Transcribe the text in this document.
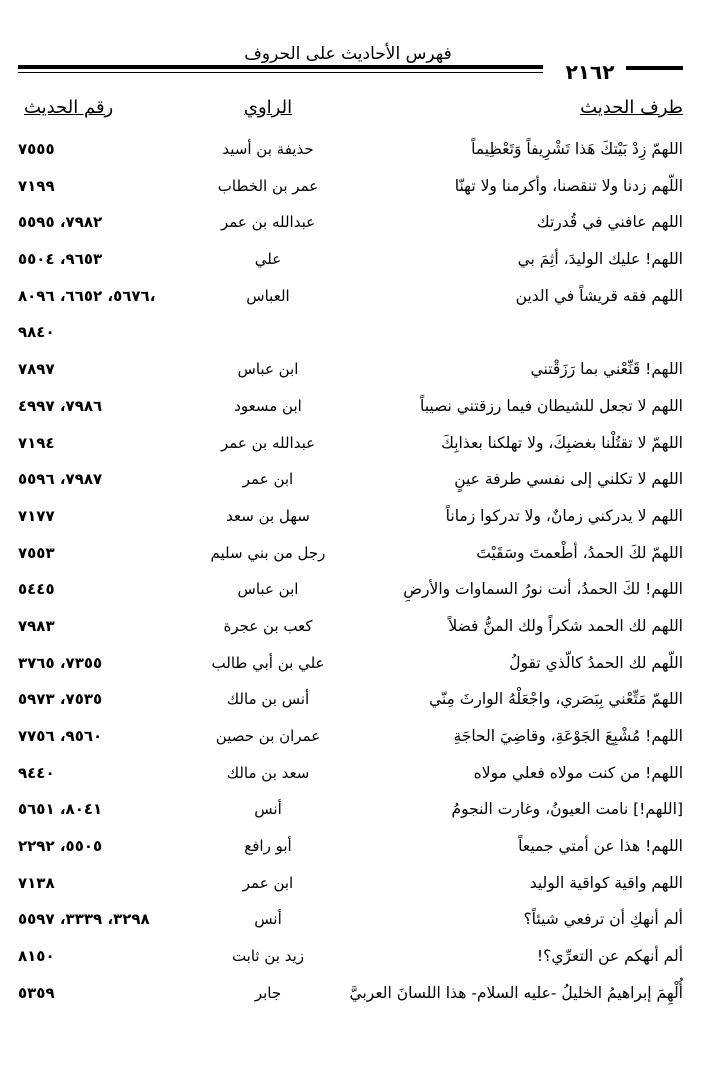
فهرس الأحاديث على الحروف
٢١٦٢
طرف الحديث
الراوي
رقم الحديث
اللهمّ زِدْ بَيْتكَ هَذا تَشْرِيفاً وَتَعْظِيماً
حذيفة بن أسيد
٧٥٥٥
اللّهم زدنا ولا تنقصنا، وأكرمنا ولا تهنّا
عمر بن الخطاب
٧١٩٩
اللهم عافني في قُدرتك
عبدالله بن عمر
٧٩٨٢، ٥٥٩٥
اللهم! عليك الوليدَ، أثِمَ بي
علي
٩٦٥٣، ٥٥٠٤
اللهم فقه قريشاً في الدين
العباس
٥٦٧٦، ٦٦٥٢، ٨٠٩٦،
٩٨٤٠
اللهم! قَنِّعْني بما رَزَقْتني
ابن عباس
٧٨٩٧
اللهم لا تجعل للشيطان فيما رزقتني نصيباً
ابن مسعود
٧٩٨٦، ٤٩٩٧
اللهمّ لا تقتُلْنا بغضبِكَ، ولا تهلكنا بعذابِكَ
عبدالله بن عمر
٧١٩٤
اللهم لا تكلني إلى نفسي طرفة عينٍ
ابن عمر
٧٩٨٧، ٥٥٩٦
اللهم لا يدركني زمانٌ، ولا تدركوا زماناً
سهل بن سعد
٧١٧٧
اللهمّ لكَ الحمدُ، أطْعمتَ وسَقَيْتَ
رجل من بني سليم
٧٥٥٣
اللهم! لكَ الحمدُ، أنت نورُ السماوات والأرضِ
ابن عباس
٥٤٤٥
اللهم لك الحمد شكراً ولك المنُّ فضلاً
كعب بن عجرة
٧٩٨٣
اللّهم لك الحمدُ كالّذي تقولُ
علي بن أبي طالب
٧٣٥٥، ٣٧٦٥
اللهمّ مَتِّعْني بِبَصَري، واجْعَلْهُ الوارثَ مِنّي
أنس بن مالك
٧٥٣٥، ٥٩٧٣
اللهم! مُشْبِعَ الجَوْعَةِ، وقاضِيَ الحاجَةِ
عمران بن حصين
٩٥٦٠، ٧٧٥٦
اللهم! من كنت مولاه فعلي مولاه
سعد بن مالك
٩٤٤٠
[اللهم!] نامت العيونُ، وغارت النجومُ
أنس
٨٠٤١، ٥٦٥١
اللهم! هذا عن أمتي جميعاً
أبو رافع
٥٥٠٥، ٢٢٩٢
اللهم واقية كواقية الوليد
ابن عمر
٧١٣٨
ألم أنهكِ أن ترفعي شيئاً؟
أنس
٣٢٩٨، ٣٣٣٩، ٥٥٩٧
ألم أنهكم عن التعرِّي؟!
زيد بن ثابت
٨١٥٠
أُلْهِمَ إبراهيمُ الخليلُ -عليه السلام- هذا اللسانَ العربيَّ
جابر
٥٣٥٩
